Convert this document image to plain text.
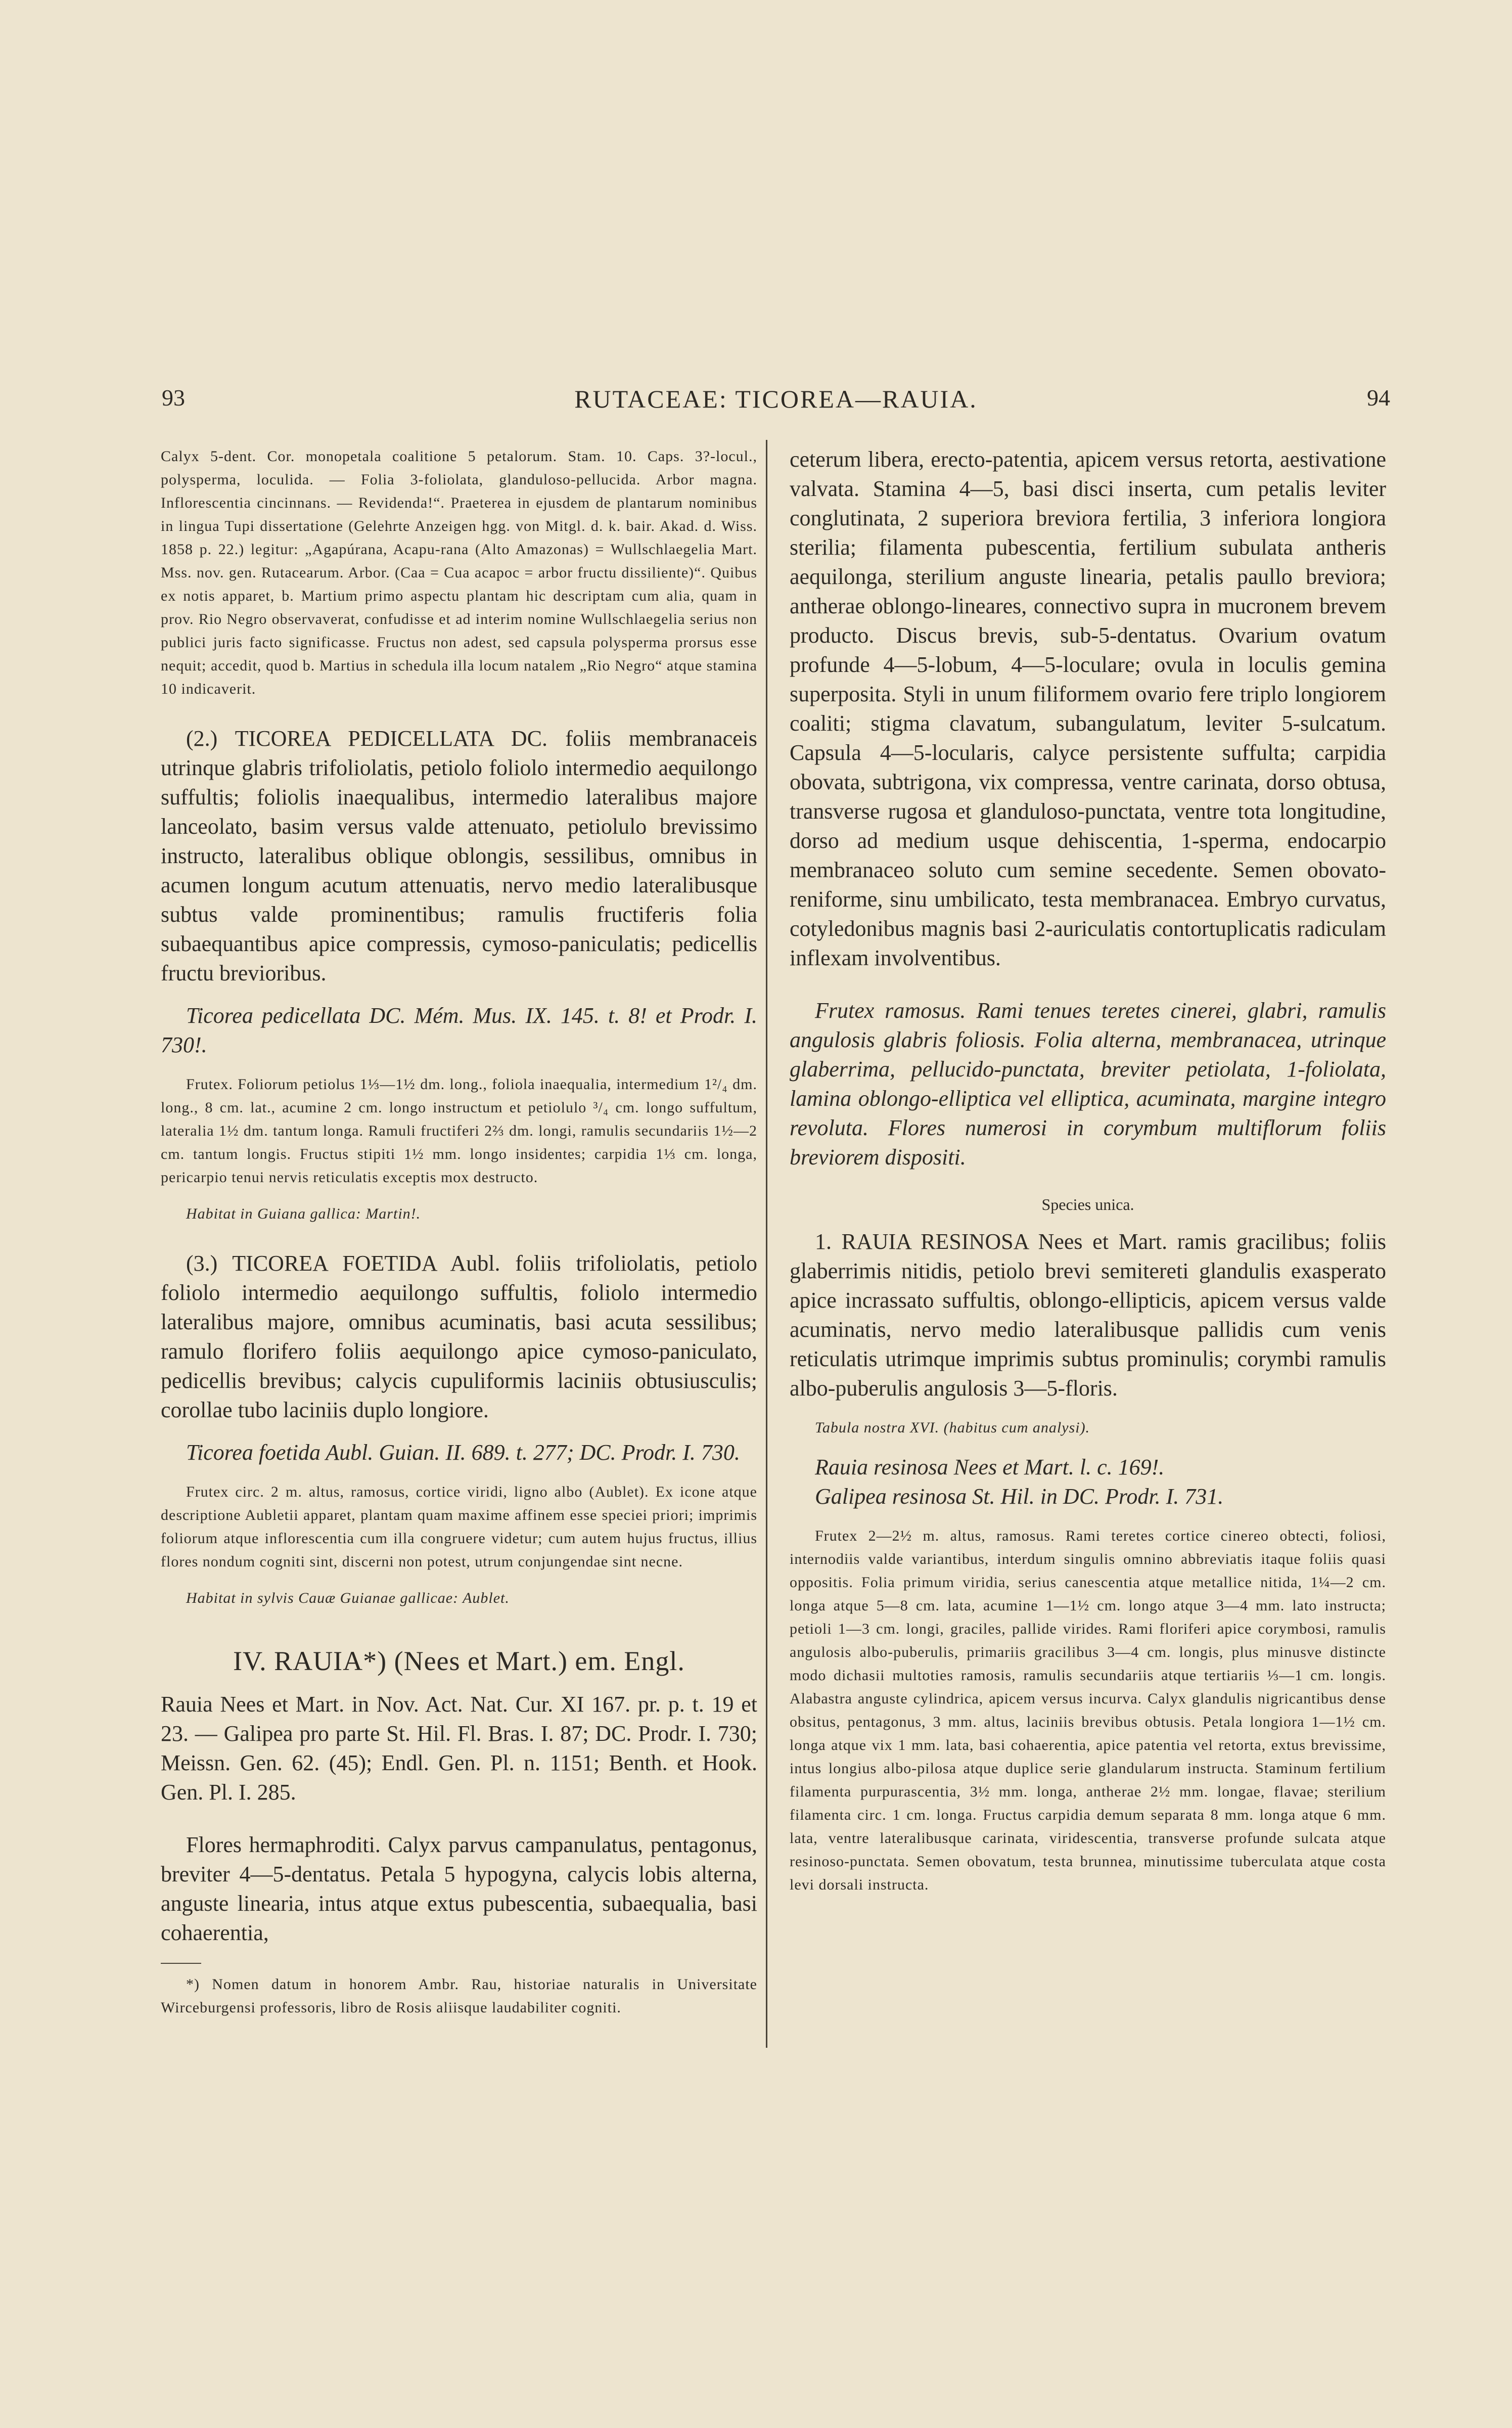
93	RUTACEAE: TICOREA—RAUIA.	94

Calyx 5-dent. Cor. monopetala coalitione 5 petalorum. Stam. 10. Caps. 3?-locul., polysperma, loculida. — Folia 3-foliolata, glanduloso-pellucida. Arbor magna. Inflorescentia cincinnans. — Revidenda!“. Praeterea in ejusdem de plantarum nominibus in lingua Tupi dissertatione (Gelehrte Anzeigen hgg. von Mitgl. d. k. bair. Akad. d. Wiss. 1858 p. 22.) legitur: „Agapúrana, Acapu-rana (Alto Amazonas) = Wullschlaegelia Mart. Mss. nov. gen. Rutacearum. Arbor. (Caa = Cua acapoc = arbor fructu dissiliente)“. Quibus ex notis apparet, b. Martium primo aspectu plantam hic descriptam cum alia, quam in prov. Rio Negro observaverat, confudisse et ad interim nomine Wullschlaegelia serius non publici juris facto significasse. Fructus non adest, sed capsula polysperma prorsus esse nequit; accedit, quod b. Martius in schedula illa locum natalem „Rio Negro“ atque stamina 10 indicaverit.

(2.) TICOREA PEDICELLATA DC. foliis membranaceis utrinque glabris trifoliolatis, petiolo foliolo intermedio aequilongo suffultis; foliolis inaequalibus, intermedio lateralibus majore lanceolato, basim versus valde attenuato, petiolulo brevissimo instructo, lateralibus oblique oblongis, sessilibus, omnibus in acumen longum acutum attenuatis, nervo medio lateralibusque subtus valde prominentibus; ramulis fructiferis folia subaequantibus apice compressis, cymoso-paniculatis; pedicellis fructu brevioribus.

Ticorea pedicellata DC. Mém. Mus. IX. 145. t. 8! et Prodr. I. 730!.

Frutex. Foliorum petiolus 1⅓—1½ dm. long., foliola inaequalia, intermedium 1²/₄ dm. long., 8 cm. lat., acumine 2 cm. longo instructum et petiolulo ³/₄ cm. longo suffultum, lateralia 1½ dm. tantum longa. Ramuli fructiferi 2⅔ dm. longi, ramulis secundariis 1½—2 cm. tantum longis. Fructus stipiti 1½ mm. longo insidentes; carpidia 1⅓ cm. longa, pericarpio tenui nervis reticulatis exceptis mox destructo.

Habitat in Guiana gallica: Martin!.

(3.) TICOREA FOETIDA Aubl. foliis trifoliolatis, petiolo foliolo intermedio aequilongo suffultis, foliolo intermedio lateralibus majore, omnibus acuminatis, basi acuta sessilibus; ramulo florifero foliis aequilongo apice cymoso-paniculato, pedicellis brevibus; calycis cupuliformis laciniis obtusiusculis; corollae tubo laciniis duplo longiore.

Ticorea foetida Aubl. Guian. II. 689. t. 277; DC. Prodr. I. 730.

Frutex circ. 2 m. altus, ramosus, cortice viridi, ligno albo (Aublet). Ex icone atque descriptione Aubletii apparet, plantam quam maxime affinem esse speciei priori; imprimis foliorum atque inflorescentia cum illa congruere videtur; cum autem hujus fructus, illius flores nondum cogniti sint, discerni non potest, utrum conjungendae sint necne.

Habitat in sylvis Cauæ Guianae gallicae: Aublet.

IV. RAUIA*) (Nees et Mart.) em. Engl.

Rauia Nees et Mart. in Nov. Act. Nat. Cur. XI 167. pr. p. t. 19 et 23. — Galipea pro parte St. Hil. Fl. Bras. I. 87; DC. Prodr. I. 730; Meissn. Gen. 62. (45); Endl. Gen. Pl. n. 1151; Benth. et Hook. Gen. Pl. I. 285.

Flores hermaphroditi. Calyx parvus campanulatus, pentagonus, breviter 4—5-dentatus. Petala 5 hypogyna, calycis lobis alterna, anguste linearia, intus atque extus pubescentia, subaequalia, basi cohaerentia,

*) Nomen datum in honorem Ambr. Rau, historiae naturalis in Universitate Wirceburgensi professoris, libro de Rosis aliisque laudabiliter cogniti.

ceterum libera, erecto-patentia, apicem versus retorta, aestivatione valvata. Stamina 4—5, basi disci inserta, cum petalis leviter conglutinata, 2 superiora breviora fertilia, 3 inferiora longiora sterilia; filamenta pubescentia, fertilium subulata antheris aequilonga, sterilium anguste linearia, petalis paullo breviora; antherae oblongo-lineares, connectivo supra in mucronem brevem producto. Discus brevis, sub-5-dentatus. Ovarium ovatum profunde 4—5-lobum, 4—5-loculare; ovula in loculis gemina superposita. Styli in unum filiformem ovario fere triplo longiorem coaliti; stigma clavatum, subangulatum, leviter 5-sulcatum. Capsula 4—5-locularis, calyce persistente suffulta; carpidia obovata, subtrigona, vix compressa, ventre carinata, dorso obtusa, transverse rugosa et glanduloso-punctata, ventre tota longitudine, dorso ad medium usque dehiscentia, 1-sperma, endocarpio membranaceo soluto cum semine secedente. Semen obovato-reniforme, sinu umbilicato, testa membranacea. Embryo curvatus, cotyledonibus magnis basi 2-auriculatis contortuplicatis radiculam inflexam involventibus.

Frutex ramosus. Rami tenues teretes cinerei, glabri, ramulis angulosis glabris foliosis. Folia alterna, membranacea, utrinque glaberrima, pellucido-punctata, breviter petiolata, 1-foliolata, lamina oblongo-elliptica vel elliptica, acuminata, margine integro revoluta. Flores numerosi in corymbum multiflorum foliis breviorem dispositi.

Species unica.

1. RAUIA RESINOSA Nees et Mart. ramis gracilibus; foliis glaberrimis nitidis, petiolo brevi semitereti glandulis exasperato apice incrassato suffultis, oblongo-ellipticis, apicem versus valde acuminatis, nervo medio lateralibusque pallidis cum venis reticulatis utrimque imprimis subtus prominulis; corymbi ramulis albo-puberulis angulosis 3—5-floris.

Tabula nostra XVI. (habitus cum analysi).

Rauia resinosa Nees et Mart. l. c. 169!.

Galipea resinosa St. Hil. in DC. Prodr. I. 731.

Frutex 2—2½ m. altus, ramosus. Rami teretes cortice cinereo obtecti, foliosi, internodiis valde variantibus, interdum singulis omnino abbreviatis itaque foliis quasi oppositis. Folia primum viridia, serius canescentia atque metallice nitida, 1¼—2 cm. longa atque 5—8 cm. lata, acumine 1—1½ cm. longo atque 3—4 mm. lato instructa; petioli 1—3 cm. longi, graciles, pallide virides. Rami floriferi apice corymbosi, ramulis angulosis albo-puberulis, primariis gracilibus 3—4 cm. longis, plus minusve distincte modo dichasii multoties ramosis, ramulis secundariis atque tertiariis ⅓—1 cm. longis. Alabastra anguste cylindrica, apicem versus incurva. Calyx glandulis nigricantibus dense obsitus, pentagonus, 3 mm. altus, laciniis brevibus obtusis. Petala longiora 1—1½ cm. longa atque vix 1 mm. lata, basi cohaerentia, apice patentia vel retorta, extus brevissime, intus longius albo-pilosa atque duplice serie glandularum instructa. Staminum fertilium filamenta purpurascentia, 3½ mm. longa, antherae 2½ mm. longae, flavae; sterilium filamenta circ. 1 cm. longa. Fructus carpidia demum separata 8 mm. longa atque 6 mm. lata, ventre lateralibusque carinata, viridescentia, transverse profunde sulcata atque resinoso-punctata. Semen obovatum, testa brunnea, minutissime tuberculata atque costa levi dorsali instructa.
